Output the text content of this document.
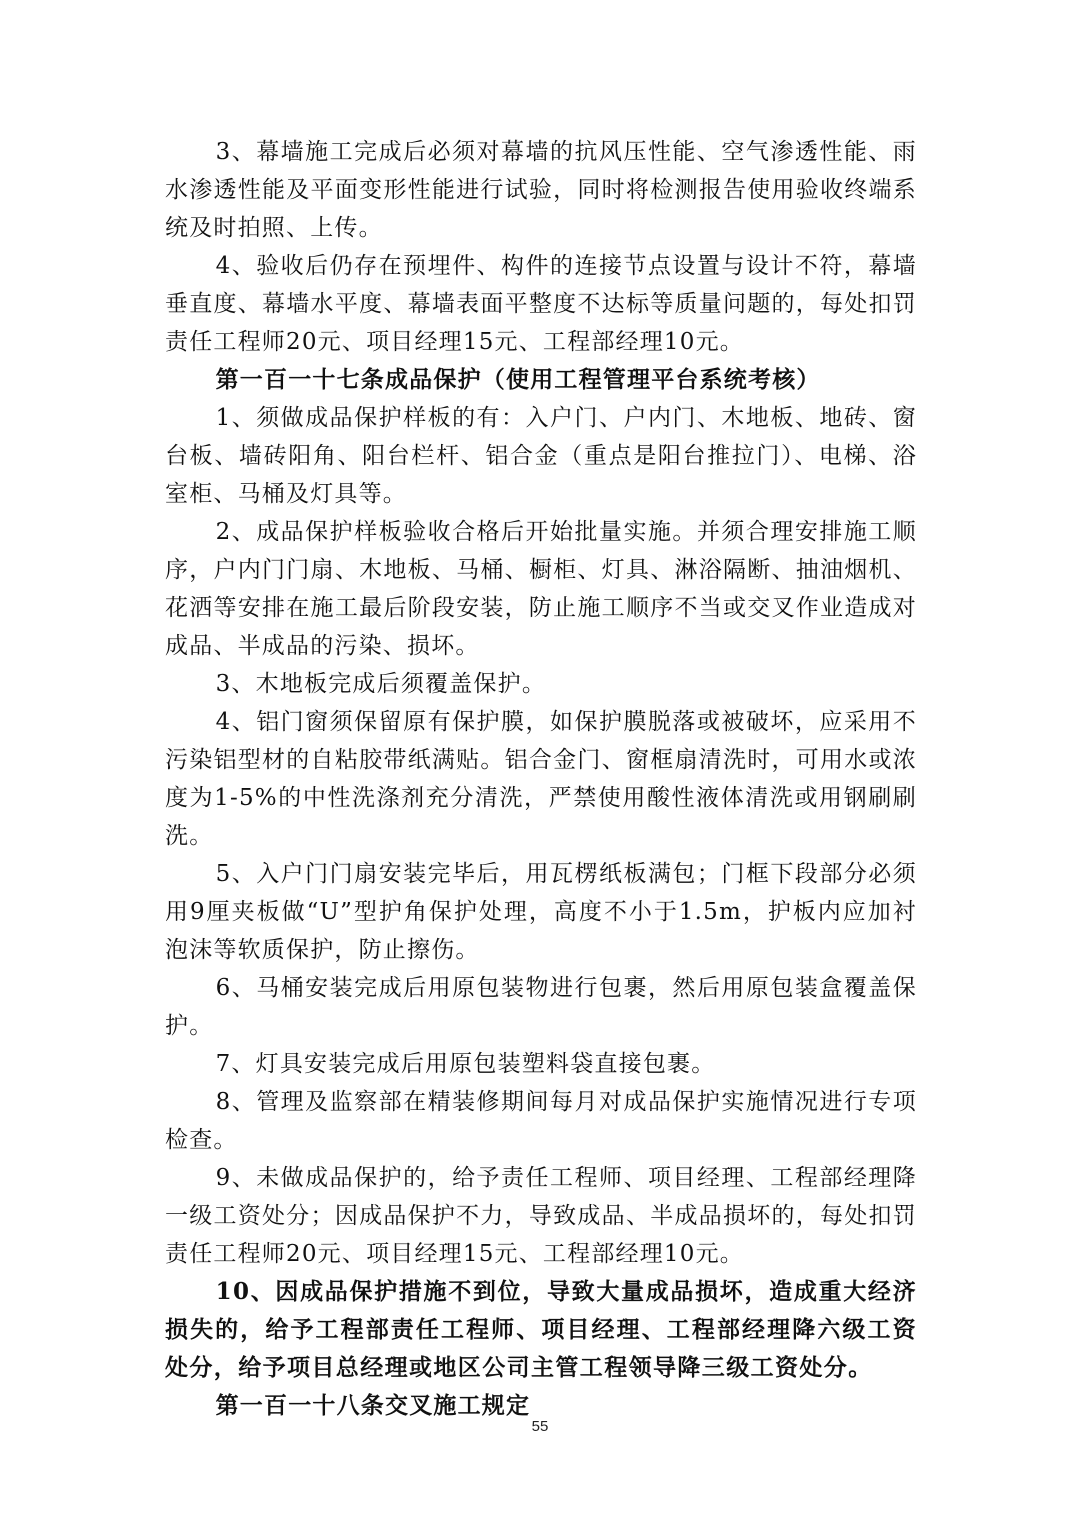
3、幕墙施工完成后必须对幕墙的抗风压性能、空气渗透性能、雨水渗透性能及平面变形性能进行试验，同时将检测报告使用验收终端系统及时拍照、上传。

4、验收后仍存在预埋件、构件的连接节点设置与设计不符，幕墙垂直度、幕墙水平度、幕墙表面平整度不达标等质量问题的，每处扣罚责任工程师20元、项目经理15元、工程部经理10元。

第一百一十七条成品保护（使用工程管理平台系统考核）

1、须做成品保护样板的有：入户门、户内门、木地板、地砖、窗台板、墙砖阳角、阳台栏杆、铝合金（重点是阳台推拉门）、电梯、浴室柜、马桶及灯具等。

2、成品保护样板验收合格后开始批量实施。并须合理安排施工顺序，户内门门扇、木地板、马桶、橱柜、灯具、淋浴隔断、抽油烟机、花洒等安排在施工最后阶段安装，防止施工顺序不当或交叉作业造成对成品、半成品的污染、损坏。

3、木地板完成后须覆盖保护。

4、铝门窗须保留原有保护膜，如保护膜脱落或被破坏，应采用不污染铝型材的自粘胶带纸满贴。铝合金门、窗框扇清洗时，可用水或浓度为1-5%的中性洗涤剂充分清洗，严禁使用酸性液体清洗或用钢刷刷洗。

5、入户门门扇安装完毕后，用瓦楞纸板满包；门框下段部分必须用9厘夹板做“U”型护角保护处理，高度不小于1.5m，护板内应加衬泡沫等软质保护，防止擦伤。

6、马桶安装完成后用原包装物进行包裹，然后用原包装盒覆盖保护。

7、灯具安装完成后用原包装塑料袋直接包裹。

8、管理及监察部在精装修期间每月对成品保护实施情况进行专项检查。

9、未做成品保护的，给予责任工程师、项目经理、工程部经理降一级工资处分；因成品保护不力，导致成品、半成品损坏的，每处扣罚责任工程师20元、项目经理15元、工程部经理10元。

10、因成品保护措施不到位，导致大量成品损坏，造成重大经济损失的，给予工程部责任工程师、项目经理、工程部经理降六级工资处分，给予项目总经理或地区公司主管工程领导降三级工资处分。

第一百一十八条交叉施工规定

55
